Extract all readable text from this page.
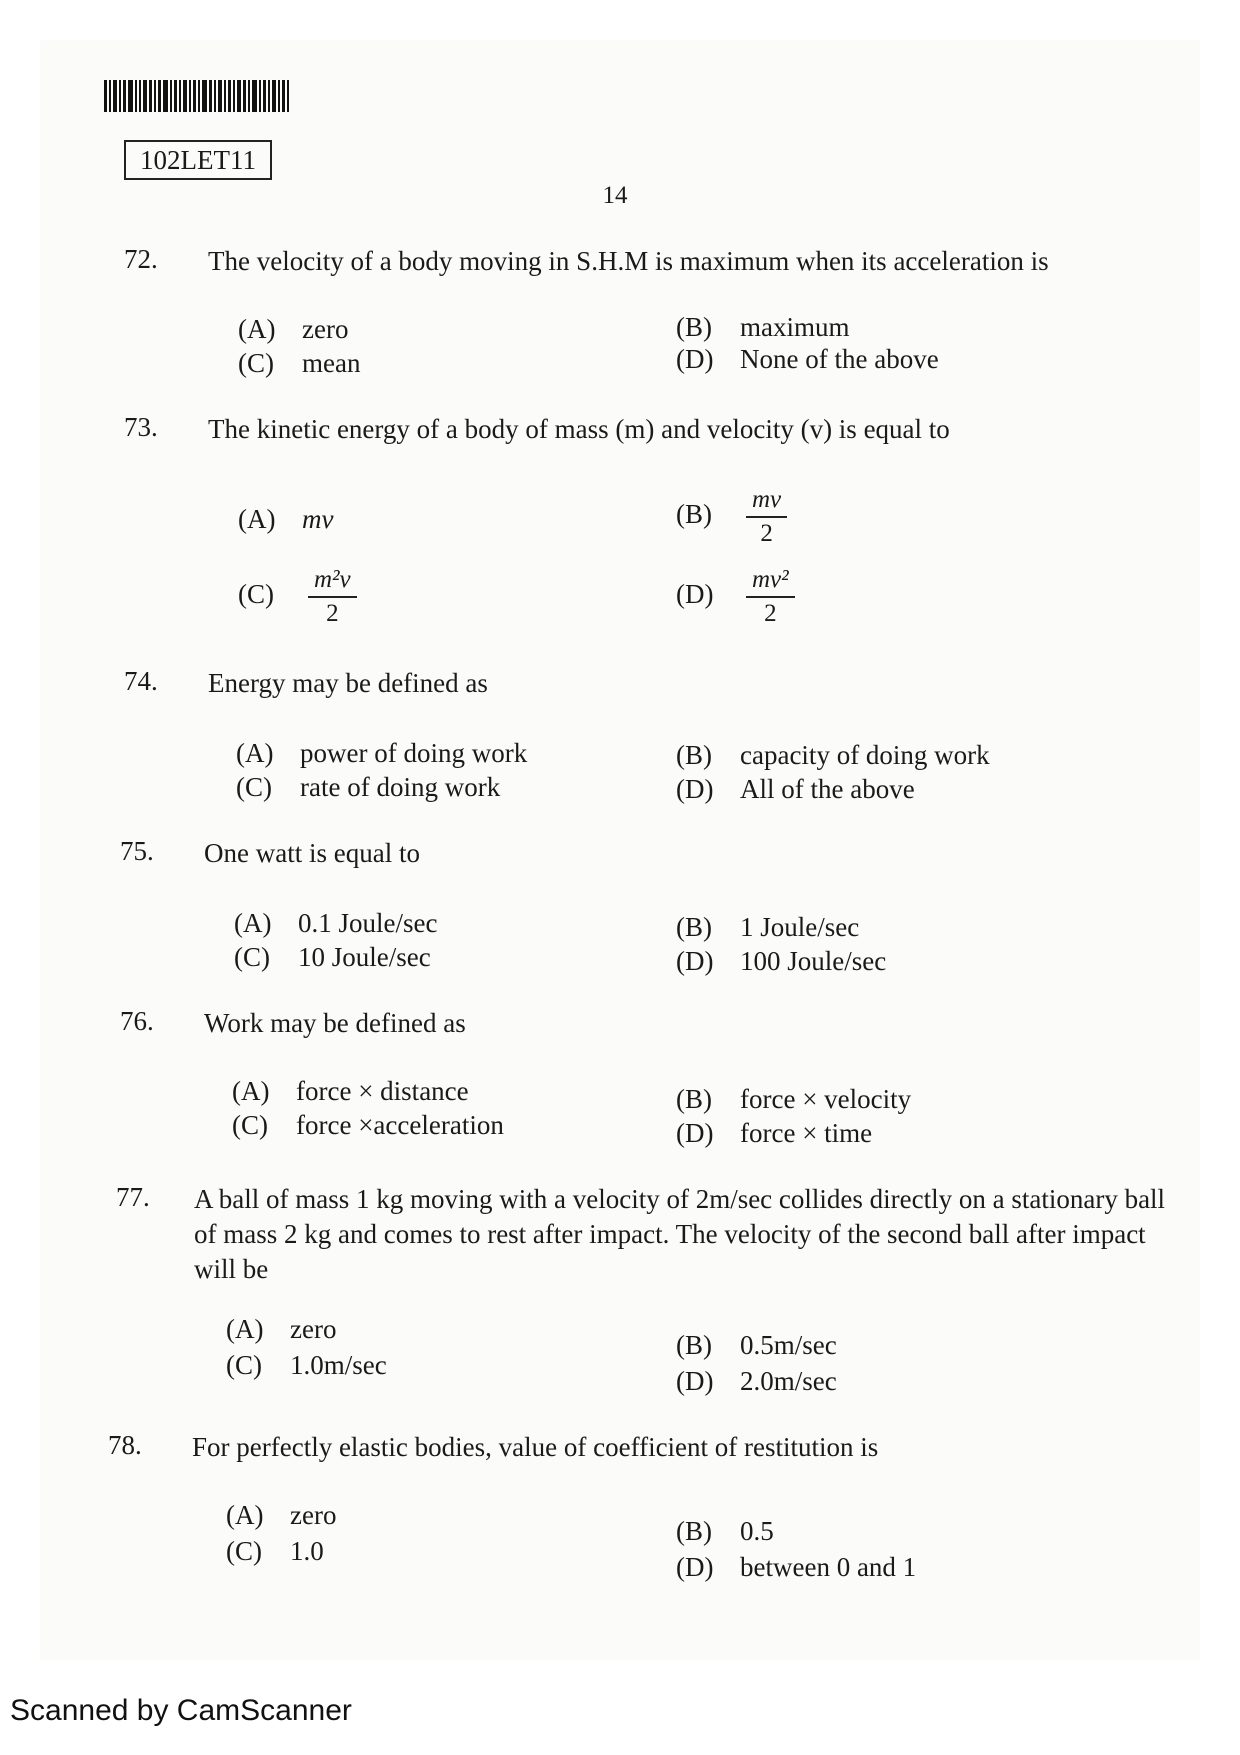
102LET11
14
72. The velocity of a body moving in S.H.M is maximum when its acceleration is
(A) zero	(B) maximum
(C) mean	(D) None of the above
73. The kinetic energy of a body of mass (m) and velocity (v) is equal to
(A) mv	$(B) \frac{mv}{2}$
$(C) \frac{\text{m²v}}{2}$	$(D) \frac{\text{mv²}}{2}$
74. Energy may be defined as
(A) power of doing work	(B) capacity of doing work
(C) rate of doing work	(D) All of the above
75. One watt is equal to
(A) 0.1 Joule/sec	(B) 1 Joule/sec
(C) 10 Joule/sec	(D) 100 Joule/sec
76. Work may be defined as
(A) force × distance	(B) force × velocity
(C) force ×acceleration	(D) force × time
77. A ball of mass 1 kg moving with a velocity of 2m/sec collides directly on a stationary ball of mass 2 kg and comes to rest after impact. The velocity of the second ball after impact will be
(A) zero
(B) 0.5m/sec
(C) 1.0m/sec
(D) 2.0m/sec
78. For perfectly elastic bodies, value of coefficient of restitution is
(A) zero
(B) 0.5
(C) 1.0
(D) between 0 and 1
Scanned by CamScanner
